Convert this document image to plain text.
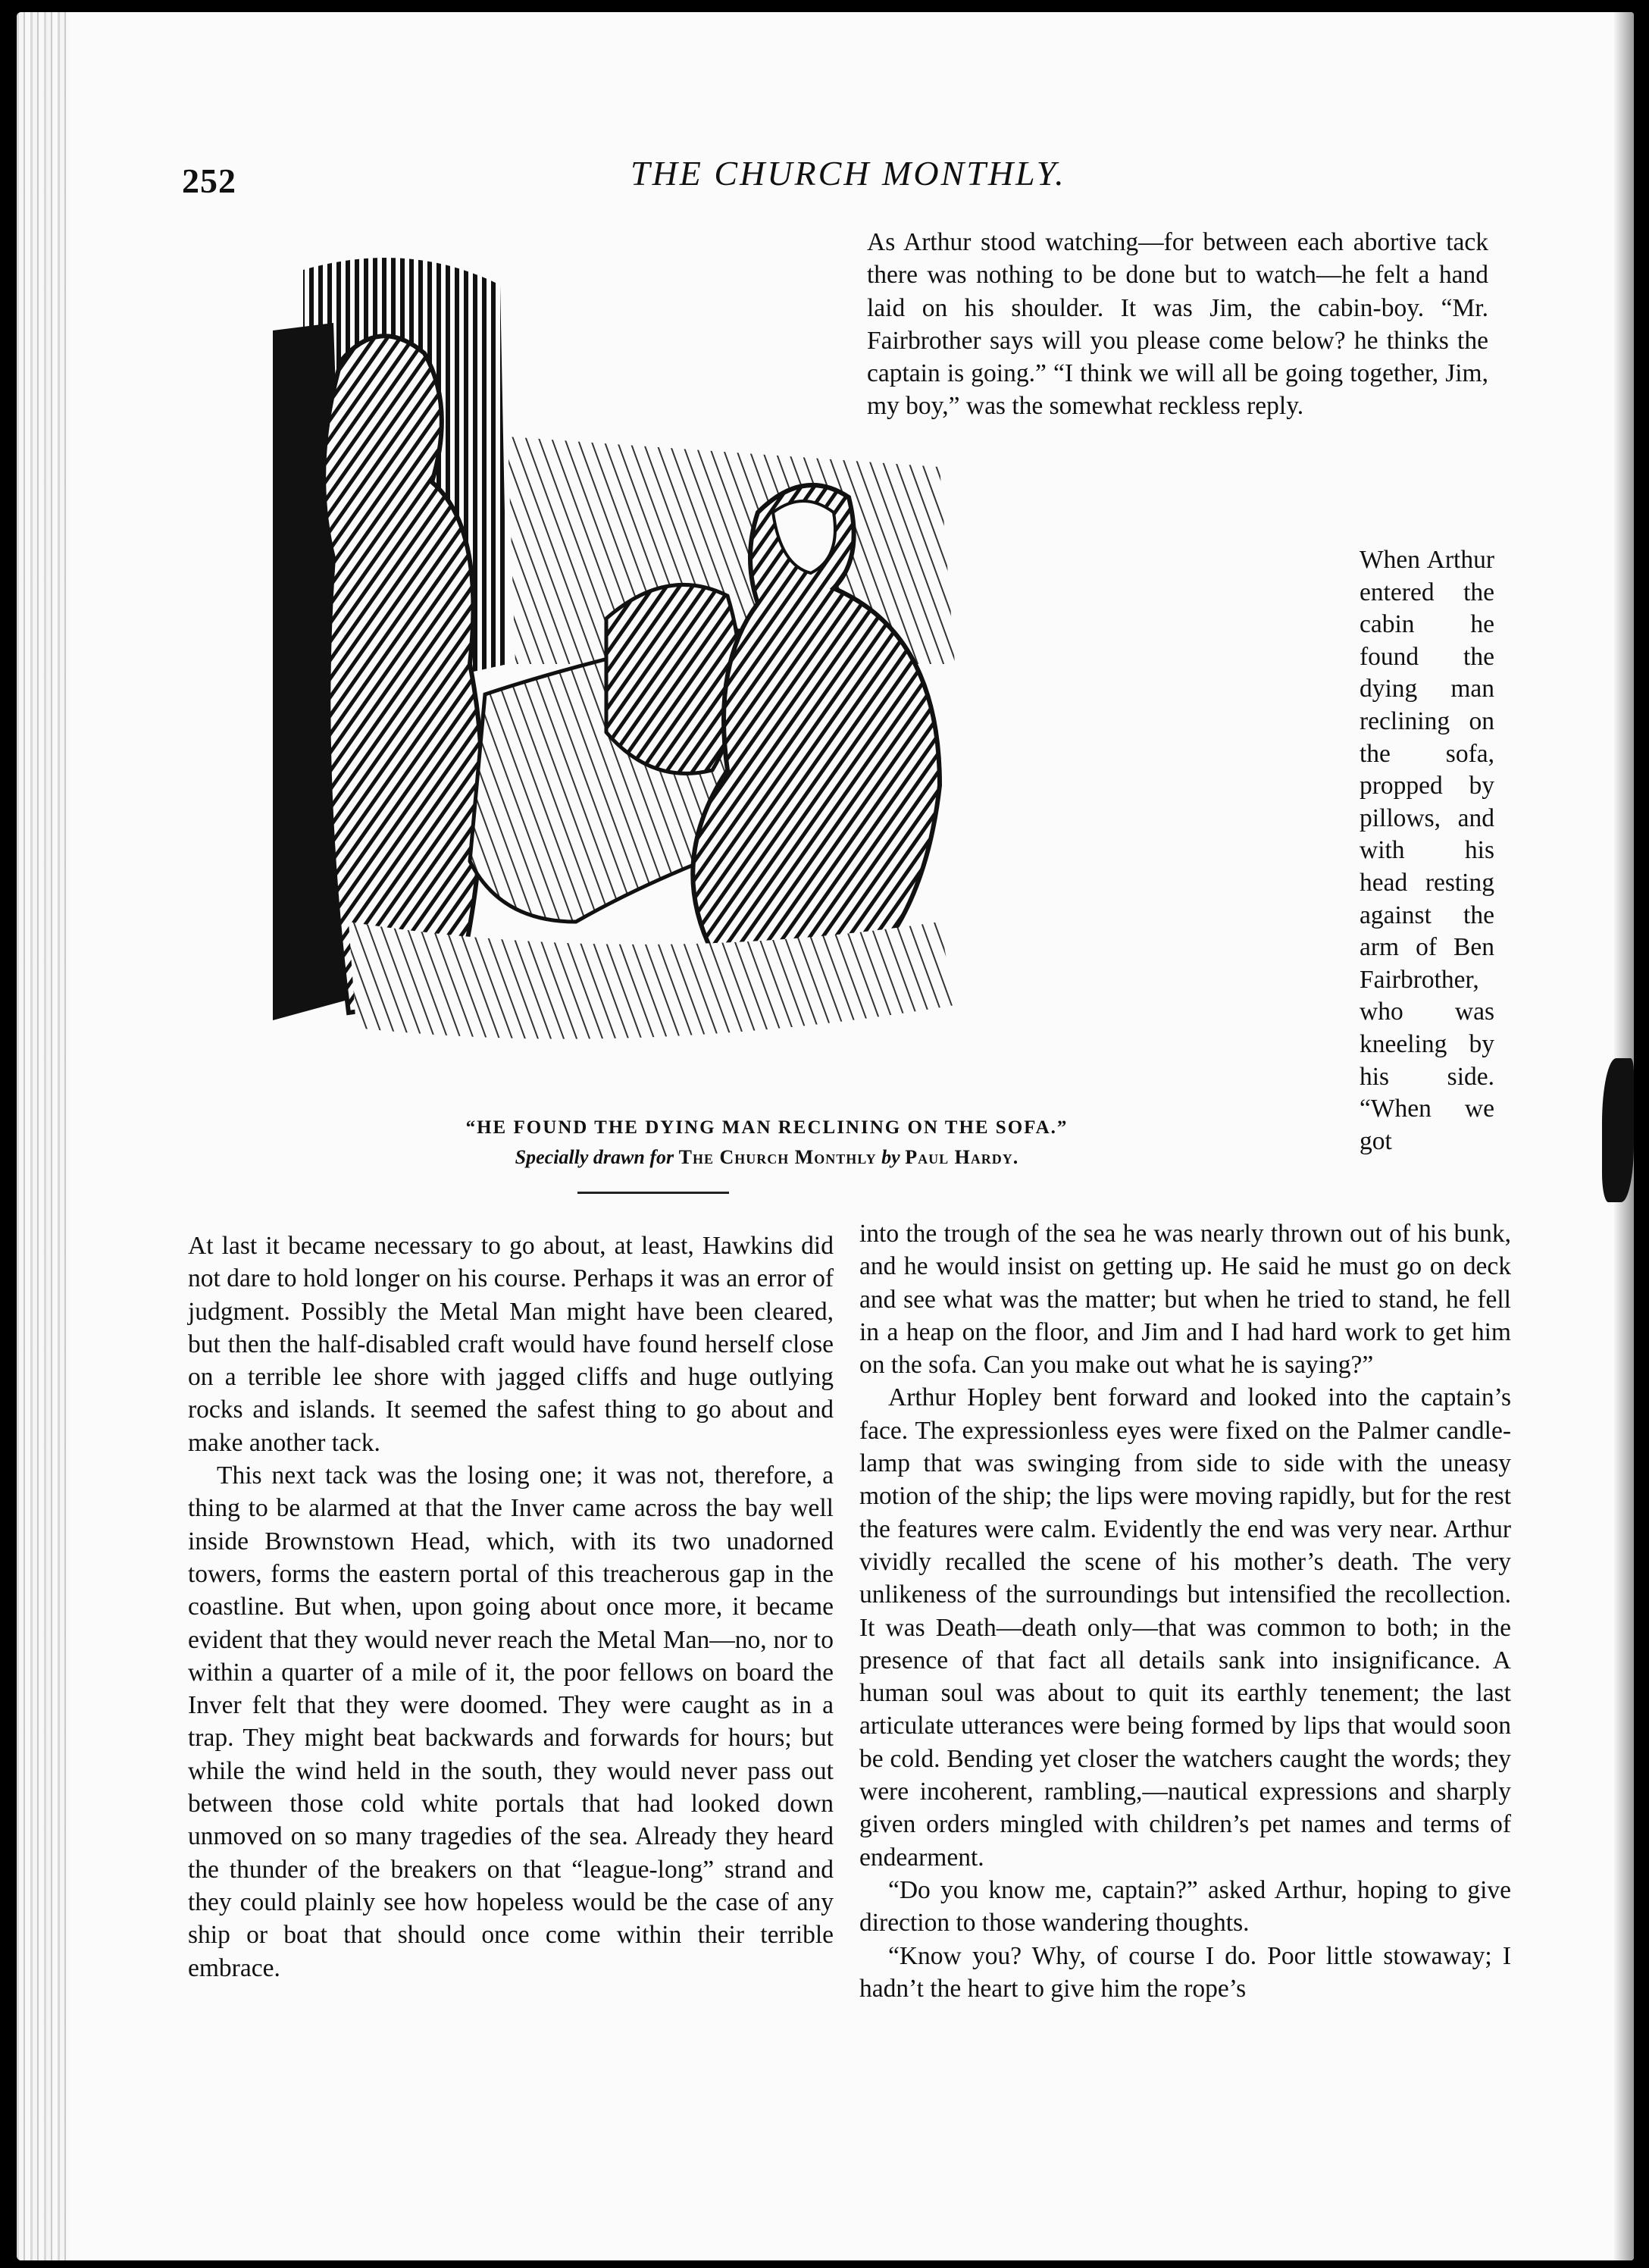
252	THE CHURCH MONTHLY.

As Arthur stood watching—for between each abortive tack there was nothing to be done but to watch—he felt a hand laid on his shoulder. It was Jim, the cabin-boy. “Mr. Fairbrother says will you please come below? he thinks the captain is going.” “I think we will all be going together, Jim, my boy,” was the somewhat reckless reply.

When Arthur entered the cabin he found the dying man reclining on the sofa, propped by pillows, and with his head resting against the arm of Ben Fairbrother, who was kneeling by his side. “When we got

“HE FOUND THE DYING MAN RECLINING ON THE SOFA.”
Specially drawn for The Church Monthly by Paul Hardy.

At last it became necessary to go about, at least, Hawkins did not dare to hold longer on his course. Perhaps it was an error of judgment. Possibly the Metal Man might have been cleared, but then the half-disabled craft would have found herself close on a terrible lee shore with jagged cliffs and huge outlying rocks and islands. It seemed the safest thing to go about and make another tack.

This next tack was the losing one; it was not, therefore, a thing to be alarmed at that the Inver came across the bay well inside Brownstown Head, which, with its two unadorned towers, forms the eastern portal of this treacherous gap in the coastline. But when, upon going about once more, it became evident that they would never reach the Metal Man—no, nor to within a quarter of a mile of it, the poor fellows on board the Inver felt that they were doomed. They were caught as in a trap. They might beat backwards and forwards for hours; but while the wind held in the south, they would never pass out between those cold white portals that had looked down unmoved on so many tragedies of the sea. Already they heard the thunder of the breakers on that “league-long” strand and they could plainly see how hopeless would be the case of any ship or boat that should once come within their terrible embrace.

into the trough of the sea he was nearly thrown out of his bunk, and he would insist on getting up. He said he must go on deck and see what was the matter; but when he tried to stand, he fell in a heap on the floor, and Jim and I had hard work to get him on the sofa. Can you make out what he is saying?”

Arthur Hopley bent forward and looked into the captain’s face. The expressionless eyes were fixed on the Palmer candle-lamp that was swinging from side to side with the uneasy motion of the ship; the lips were moving rapidly, but for the rest the features were calm. Evidently the end was very near. Arthur vividly recalled the scene of his mother’s death. The very unlikeness of the surroundings but intensified the recollection. It was Death—death only—that was common to both; in the presence of that fact all details sank into insignificance. A human soul was about to quit its earthly tenement; the last articulate utterances were being formed by lips that would soon be cold. Bending yet closer the watchers caught the words; they were incoherent, rambling,—nautical expressions and sharply given orders mingled with children’s pet names and terms of endearment.

“Do you know me, captain?” asked Arthur, hoping to give direction to those wandering thoughts.

“Know you? Why, of course I do. Poor little stowaway; I hadn’t the heart to give him the rope’s
